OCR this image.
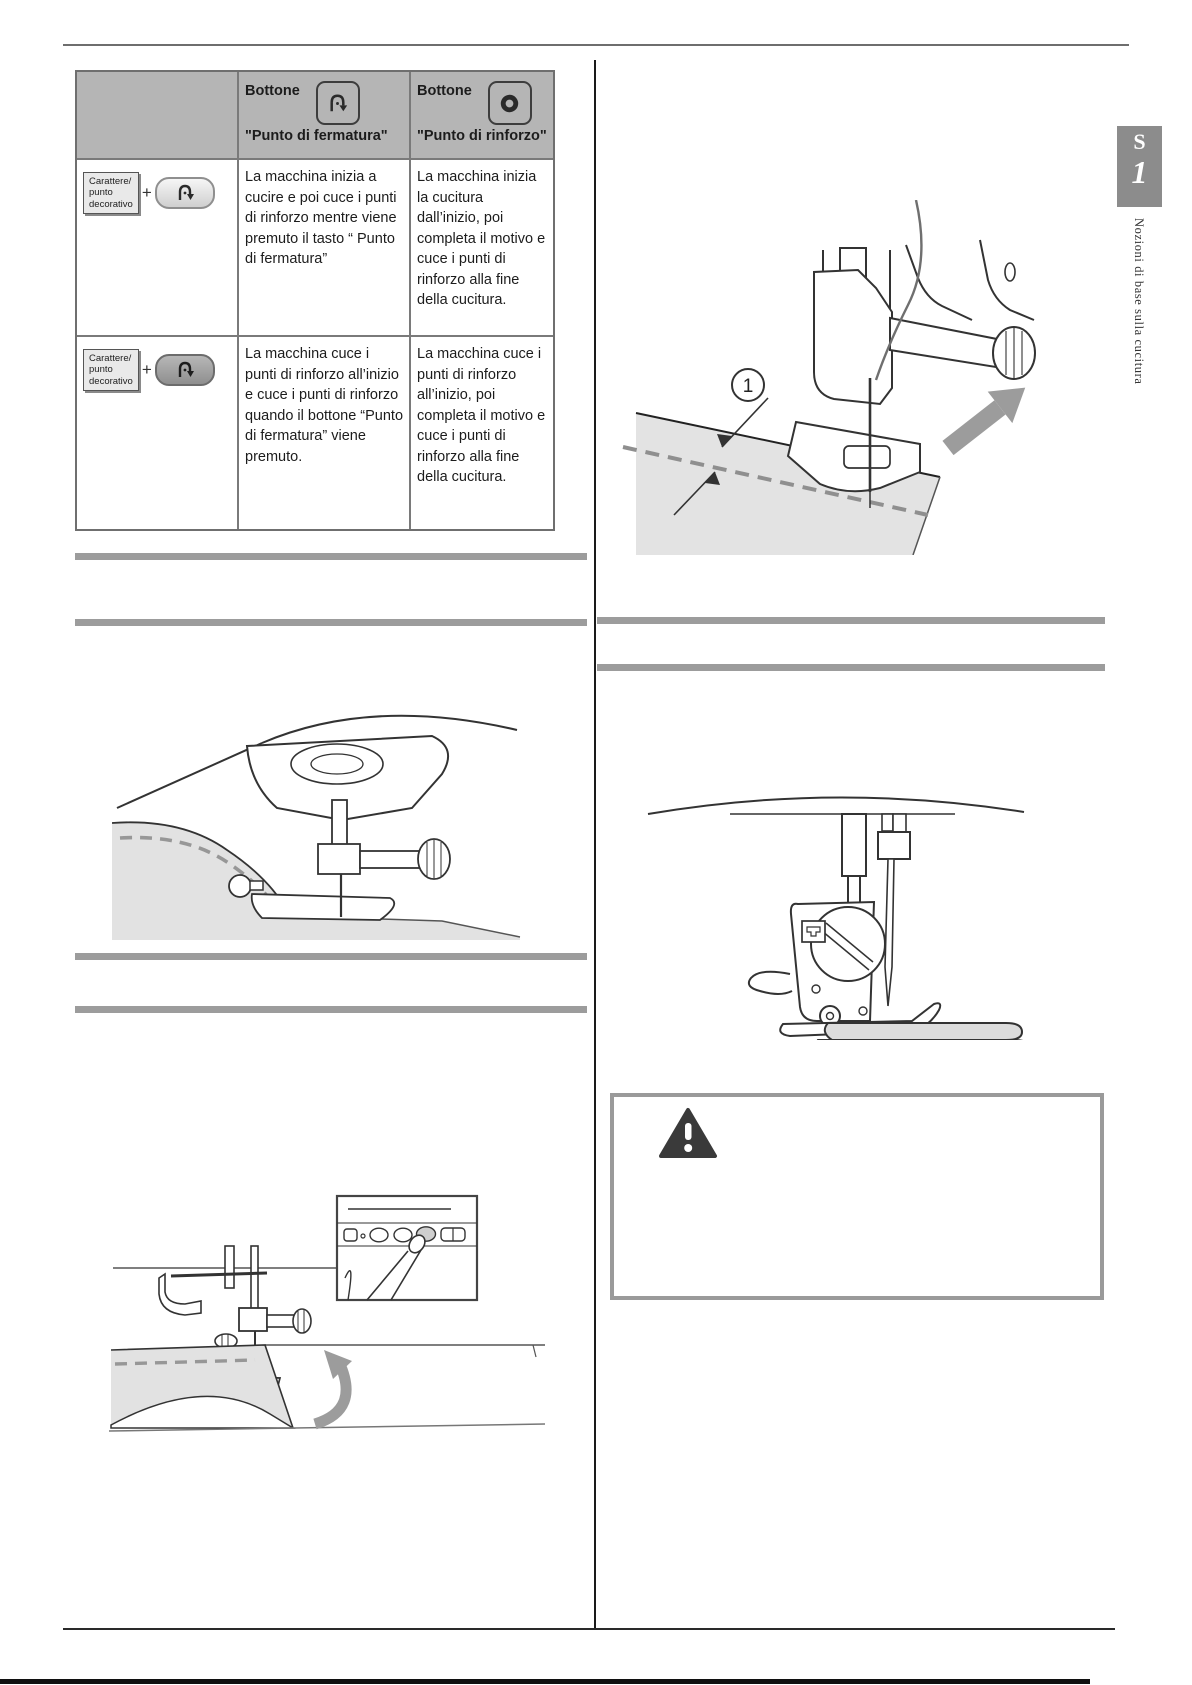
Bottone
"Punto di fermatura"
Bottone
"Punto di rinforzo"
Carattere/
punto
decorativo
+
La macchina inizia a cucire e poi cuce i punti di rinforzo mentre viene premuto il tasto “ Punto di fermatura”
La macchina inizia la cucitura dall’inizio, poi completa il motivo e cuce i punti di rinforzo alla fine della cucitura.
Carattere/
punto
decorativo
+
La macchina cuce i punti di rinforzo all’inizio e cuce i punti di rinforzo quando il bottone “Punto di fermatura” viene premuto.
La macchina cuce i punti di rinforzo all’inizio, poi completa il motivo e cuce i punti di rinforzo alla fine della cucitura.
1
S
1
Nozioni di base sulla cucitura
